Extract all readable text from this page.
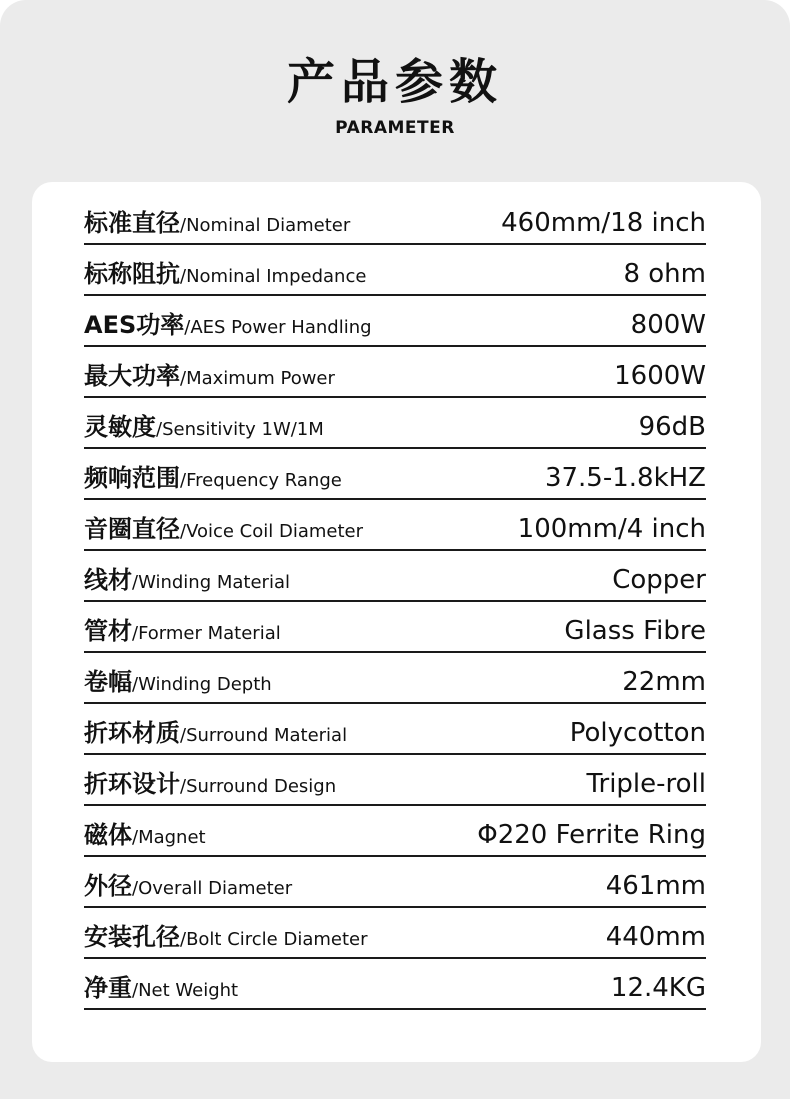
产品参数
PARAMETER
标准直径 /Nominal Diameter	460mm/18 inch
标称阻抗 /Nominal Impedance	8 ohm
AES功率 /AES Power Handling	800W
最大功率 /Maximum Power	1600W
灵敏度 /Sensitivity 1W/1M	96dB
频响范围 /Frequency Range	37.5-1.8kHZ
音圈直径 /Voice Coil Diameter	100mm/4 inch
线材 /Winding Material	Copper
管材 /Former Material	Glass Fibre
卷幅 /Winding Depth	22mm
折环材质 /Surround Material	Polycotton
折环设计 /Surround Design	Triple-roll
磁体 /Magnet	Φ220 Ferrite Ring
外径 /Overall Diameter	461mm
安装孔径 /Bolt Circle Diameter	440mm
净重 /Net Weight	12.4KG
